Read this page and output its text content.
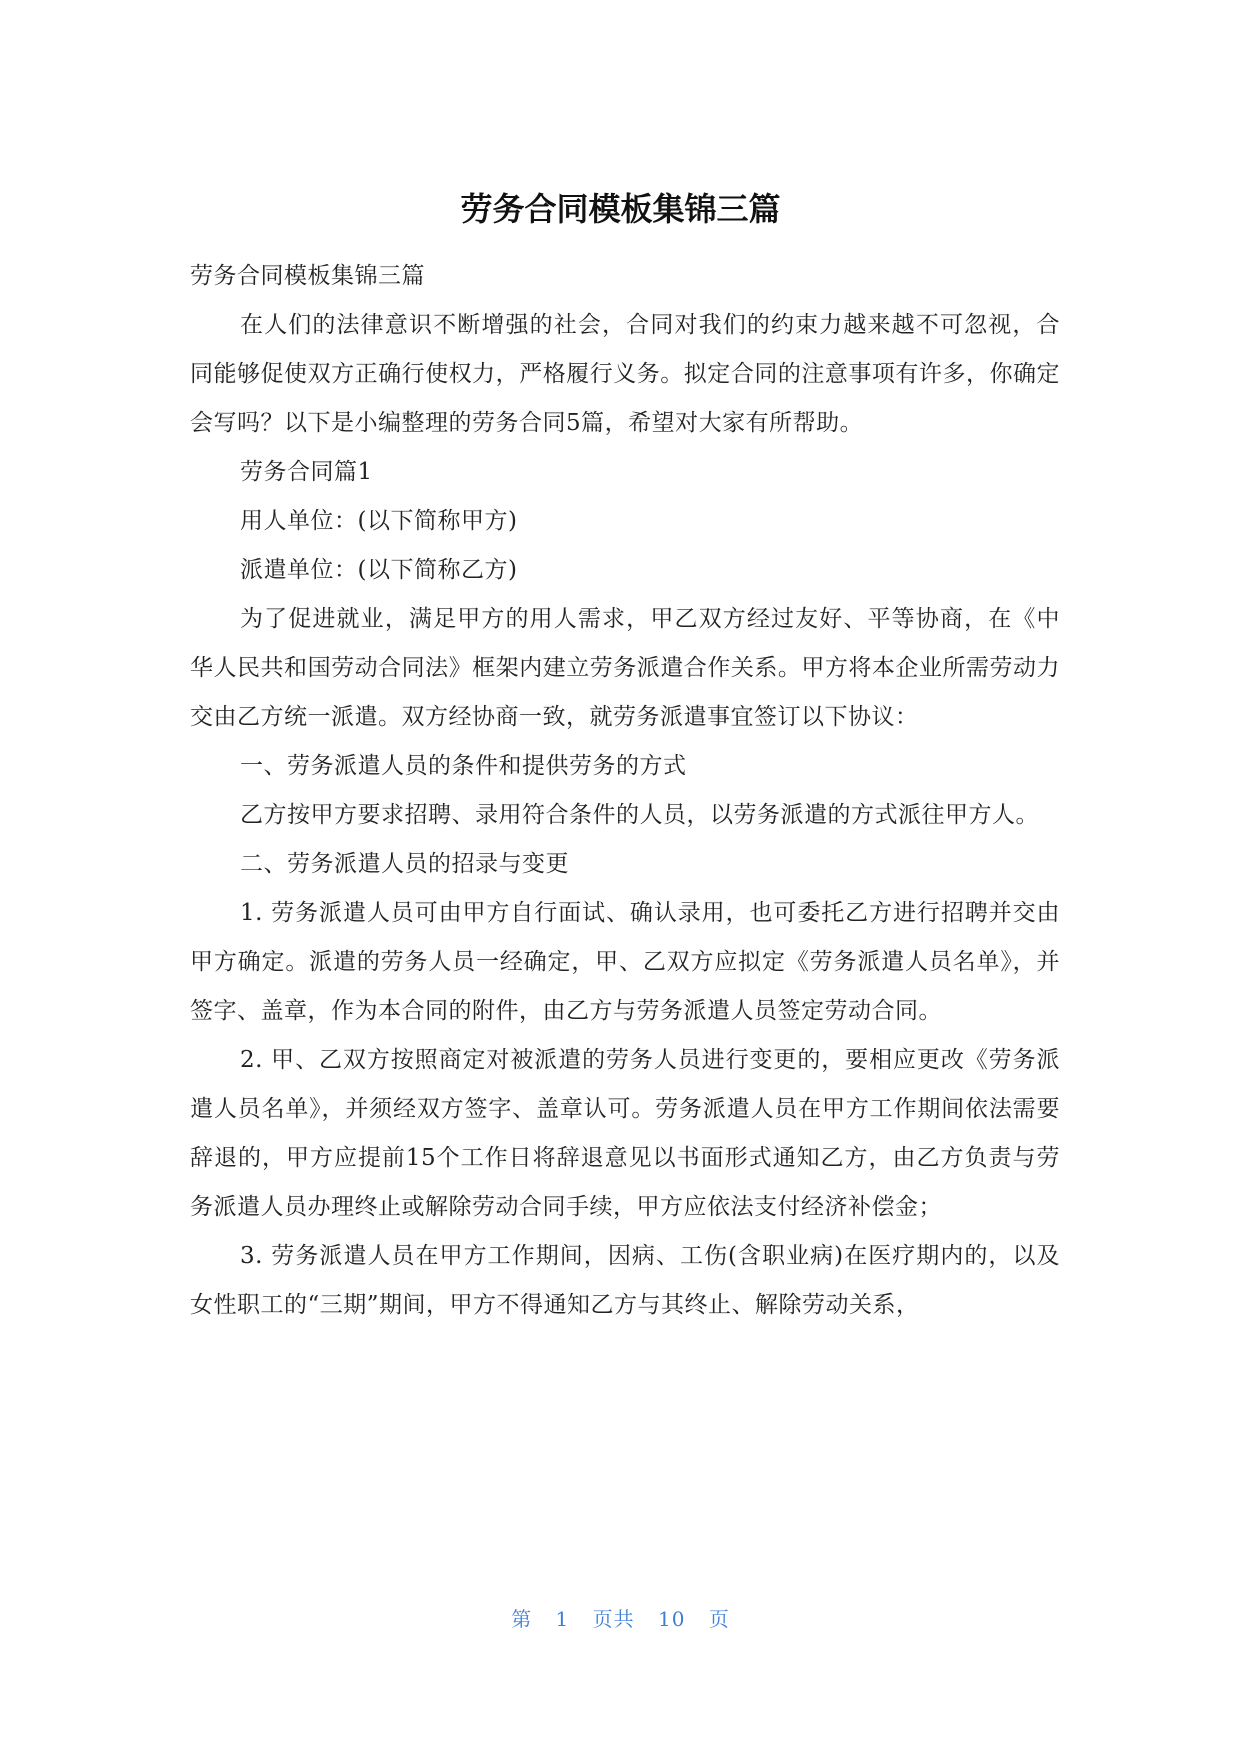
劳务合同模板集锦三篇

劳务合同模板集锦三篇

在人们的法律意识不断增强的社会，合同对我们的约束力越来越不可忽视，合同能够促使双方正确行使权力，严格履行义务。拟定合同的注意事项有许多，你确定会写吗？以下是小编整理的劳务合同5篇，希望对大家有所帮助。

劳务合同篇1

用人单位：(以下简称甲方)

派遣单位：(以下简称乙方)

为了促进就业，满足甲方的用人需求，甲乙双方经过友好、平等协商，在《中华人民共和国劳动合同法》框架内建立劳务派遣合作关系。甲方将本企业所需劳动力交由乙方统一派遣。双方经协商一致，就劳务派遣事宜签订以下协议：

一、劳务派遣人员的条件和提供劳务的方式

乙方按甲方要求招聘、录用符合条件的人员，以劳务派遣的方式派往甲方人。

二、劳务派遣人员的招录与变更

1. 劳务派遣人员可由甲方自行面试、确认录用，也可委托乙方进行招聘并交由甲方确定。派遣的劳务人员一经确定，甲、乙双方应拟定《劳务派遣人员名单》，并签字、盖章，作为本合同的附件，由乙方与劳务派遣人员签定劳动合同。

2. 甲、乙双方按照商定对被派遣的劳务人员进行变更的，要相应更改《劳务派遣人员名单》，并须经双方签字、盖章认可。劳务派遣人员在甲方工作期间依法需要辞退的，甲方应提前15个工作日将辞退意见以书面形式通知乙方，由乙方负责与劳务派遣人员办理终止或解除劳动合同手续，甲方应依法支付经济补偿金；

3. 劳务派遣人员在甲方工作期间，因病、工伤(含职业病)在医疗期内的，以及女性职工的“三期”期间，甲方不得通知乙方与其终止、解除劳动关系，

第 1 页共 10 页
